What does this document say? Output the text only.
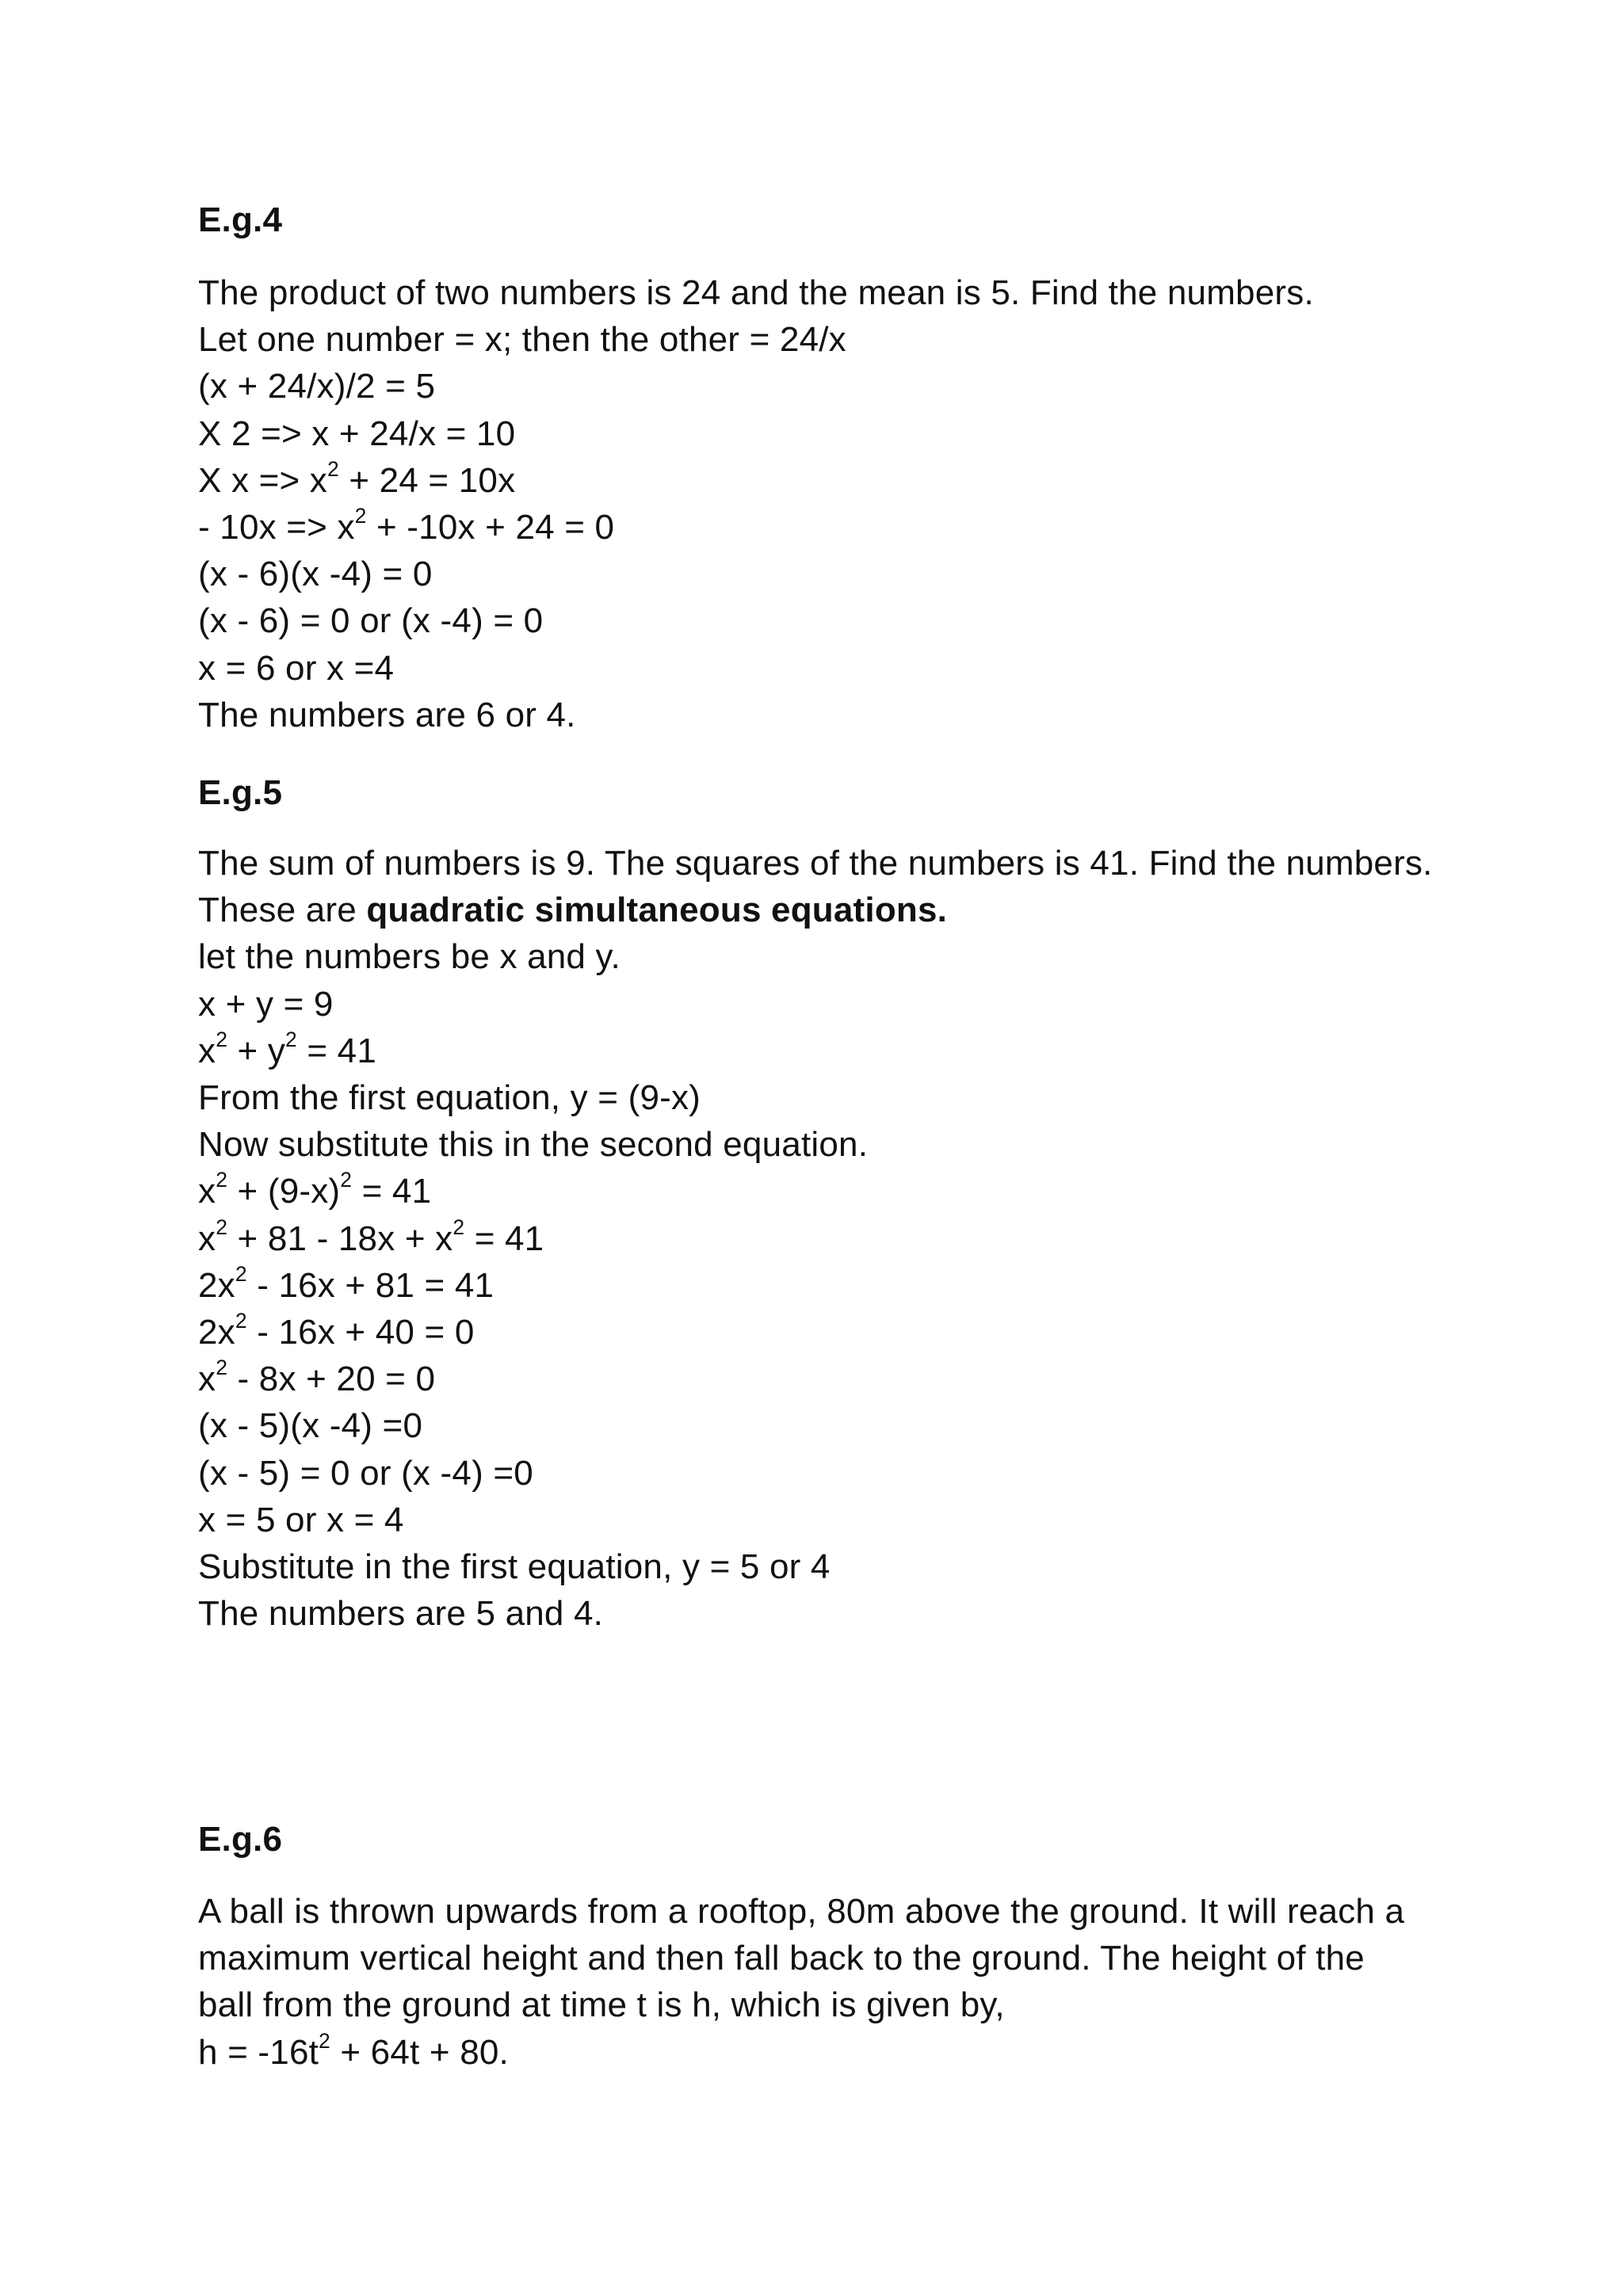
E.g.4
The product of two numbers is 24 and the mean is 5. Find the numbers.
Let one number = x; then the other = 24/x
(x + 24/x)/2 = 5
X 2 => x + 24/x = 10
X $x => x^2 + 24 = 10x$
- $10x => x^2 + -10x + 24 = 0$
(x - 6)(x -4) = 0
(x - 6) = 0 or (x -4) = 0
x = 6 or x =4
The numbers are 6 or 4.
E.g.5
The sum of numbers is 9. The squares of the numbers is 41. Find the numbers.
These are quadratic simultaneous equations.
let the numbers be x and y.
x + y = 9
$x^2 + y^2 = 41$
From the first equation, y = (9-x)
Now substitute this in the second equation.
$x^2 + (9-x)^2 = 41$
$x^2 + 81 - 18x + x^2 = 41$
$2x^2 - 16x + 81 = 41$
$2x^2 - 16x + 40 = 0$
$x^2 - 8x + 20 = 0$
(x - 5)(x -4) =0
(x - 5) = 0 or (x -4) =0
x = 5 or x = 4
Substitute in the first equation, y = 5 or 4
The numbers are 5 and 4.
E.g.6
A ball is thrown upwards from a rooftop, 80m above the ground. It will reach a
maximum vertical height and then fall back to the ground. The height of the
ball from the ground at time t is h, which is given by,
$h = -16t^2 + 64t + 80$.
